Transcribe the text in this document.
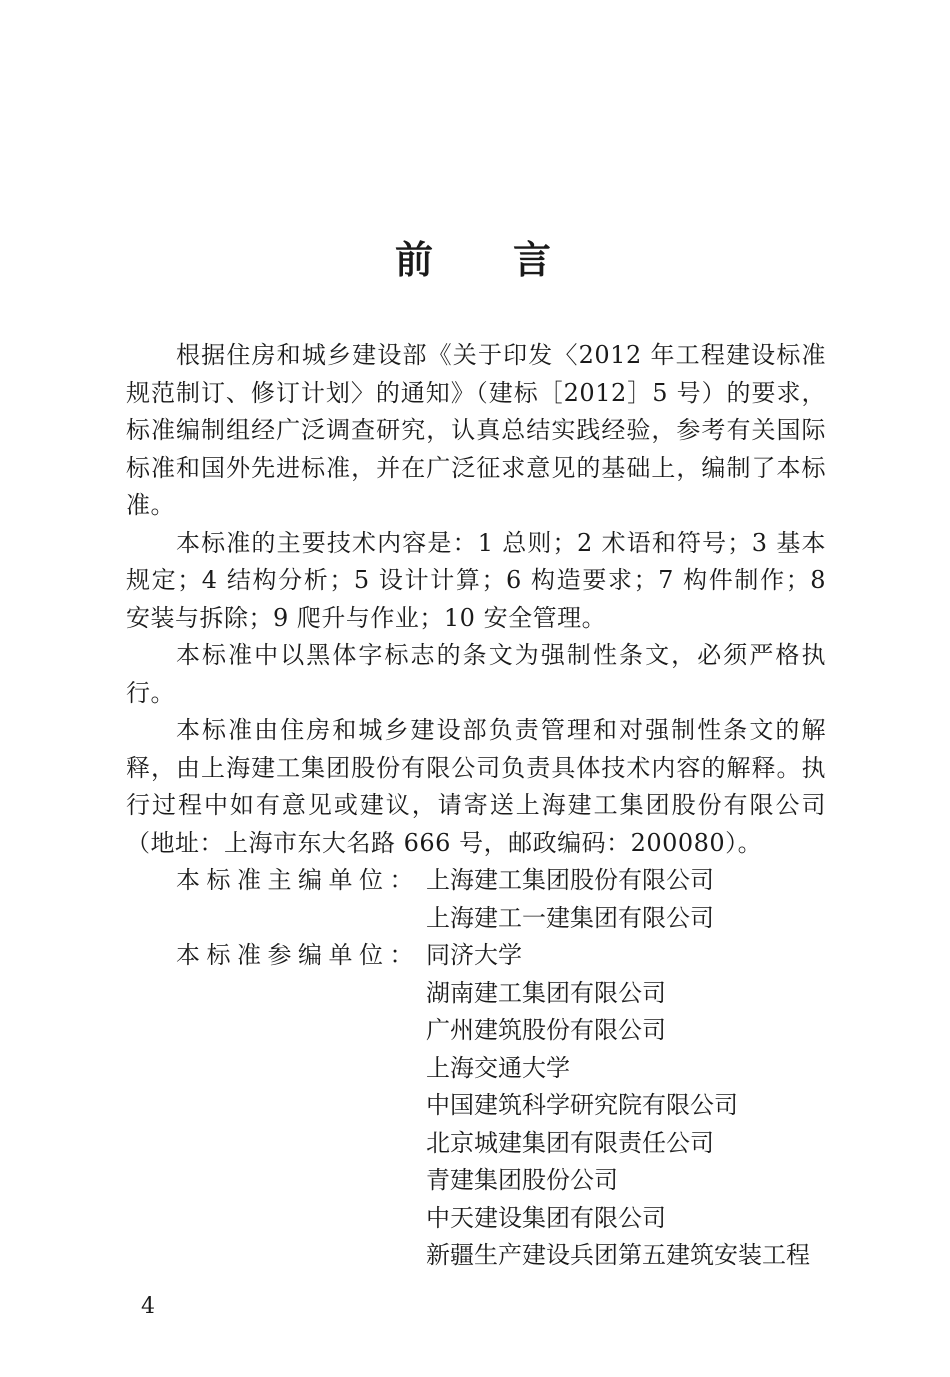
前 言

根据住房和城乡建设部《关于印发〈2012 年工程建设标准规范制订、修订计划〉的通知》（建标［2012］5 号）的要求，标准编制组经广泛调查研究，认真总结实践经验，参考有关国际标准和国外先进标准，并在广泛征求意见的基础上，编制了本标准。

本标准的主要技术内容是：1 总则；2 术语和符号；3 基本规定；4 结构分析；5 设计计算；6 构造要求；7 构件制作；8 安装与拆除；9 爬升与作业；10 安全管理。

本标准中以黑体字标志的条文为强制性条文，必须严格执行。

本标准由住房和城乡建设部负责管理和对强制性条文的解释，由上海建工集团股份有限公司负责具体技术内容的解释。执行过程中如有意见或建议，请寄送上海建工集团股份有限公司（地址：上海市东大名路 666 号，邮政编码：200080）。

本标准主编单位： 上海建工集团股份有限公司
上海建工一建集团有限公司
本标准参编单位： 同济大学
湖南建工集团有限公司
广州建筑股份有限公司
上海交通大学
中国建筑科学研究院有限公司
北京城建集团有限责任公司
青建集团股份公司
中天建设集团有限公司
新疆生产建设兵团第五建筑安装工程
4
